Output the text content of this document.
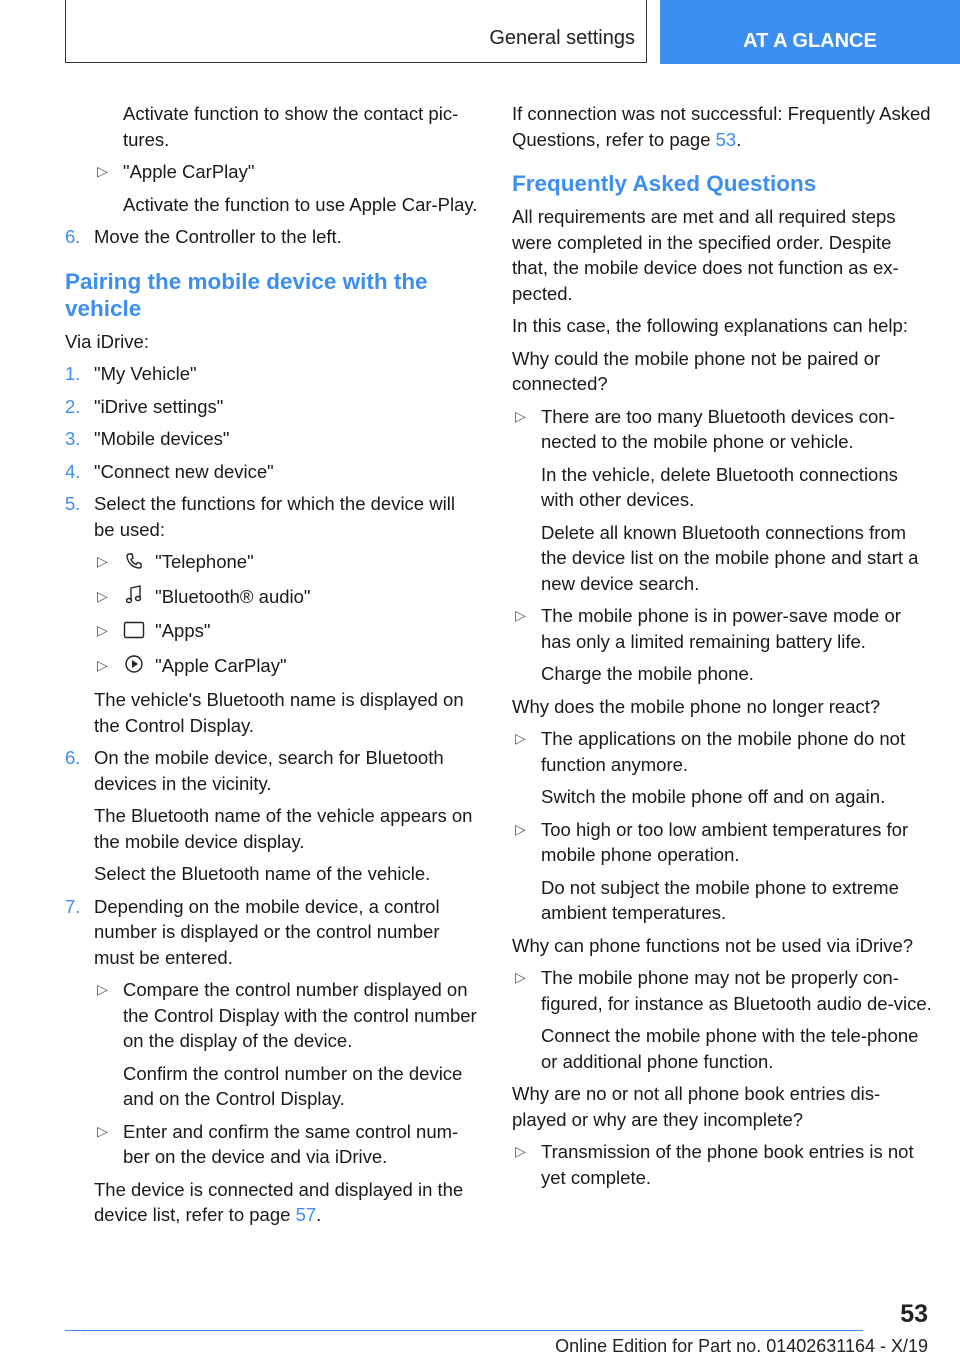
General settings	AT A GLANCE

Activate function to show the contact pic-tures.

▷ "Apple CarPlay"

Activate the function to use Apple Car-Play.

6. Move the Controller to the left.
Pairing the mobile device with the vehicle

Via iDrive:

1. "My Vehicle"
2. "iDrive settings"
3. "Mobile devices"
4. "Connect new device"
5. Select the functions for which the device will be used:
▷	"Telephone"
▷	"Bluetooth® audio"
▷	"Apps"
▷	"Apple CarPlay"

The vehicle's Bluetooth name is displayed on the Control Display.

6. On the mobile device, search for Bluetooth devices in the vicinity.

The Bluetooth name of the vehicle appears on the mobile device display.

Select the Bluetooth name of the vehicle.

7. Depending on the mobile device, a control number is displayed or the control number must be entered.
▷ Compare the control number displayed on the Control Display with the control number on the display of the device.

Confirm the control number on the device and on the Control Display.

▷ Enter and confirm the same control num-ber on the device and via iDrive.

The device is connected and displayed in the device list, refer to page 57.

If connection was not successful: Frequently Asked Questions, refer to page 53.

Frequently Asked Questions

All requirements are met and all required steps were completed in the specified order. Despite that, the mobile device does not function as ex-pected.

In this case, the following explanations can help:

Why could the mobile phone not be paired or connected?

▷ There are too many Bluetooth devices con-nected to the mobile phone or vehicle.

In the vehicle, delete Bluetooth connections with other devices.

Delete all known Bluetooth connections from the device list on the mobile phone and start a new device search.

▷ The mobile phone is in power-save mode or has only a limited remaining battery life.

Charge the mobile phone.

Why does the mobile phone no longer react?

▷ The applications on the mobile phone do not function anymore.

Switch the mobile phone off and on again.

▷ Too high or too low ambient temperatures for mobile phone operation.

Do not subject the mobile phone to extreme ambient temperatures.

Why can phone functions not be used via iDrive?

▷ The mobile phone may not be properly con-figured, for instance as Bluetooth audio de-vice.

Connect the mobile phone with the tele-phone or additional phone function.

Why are no or not all phone book entries dis-played or why are they incomplete?

▷ Transmission of the phone book entries is not yet complete.
53
Online Edition for Part no. 01402631164 - X/19
